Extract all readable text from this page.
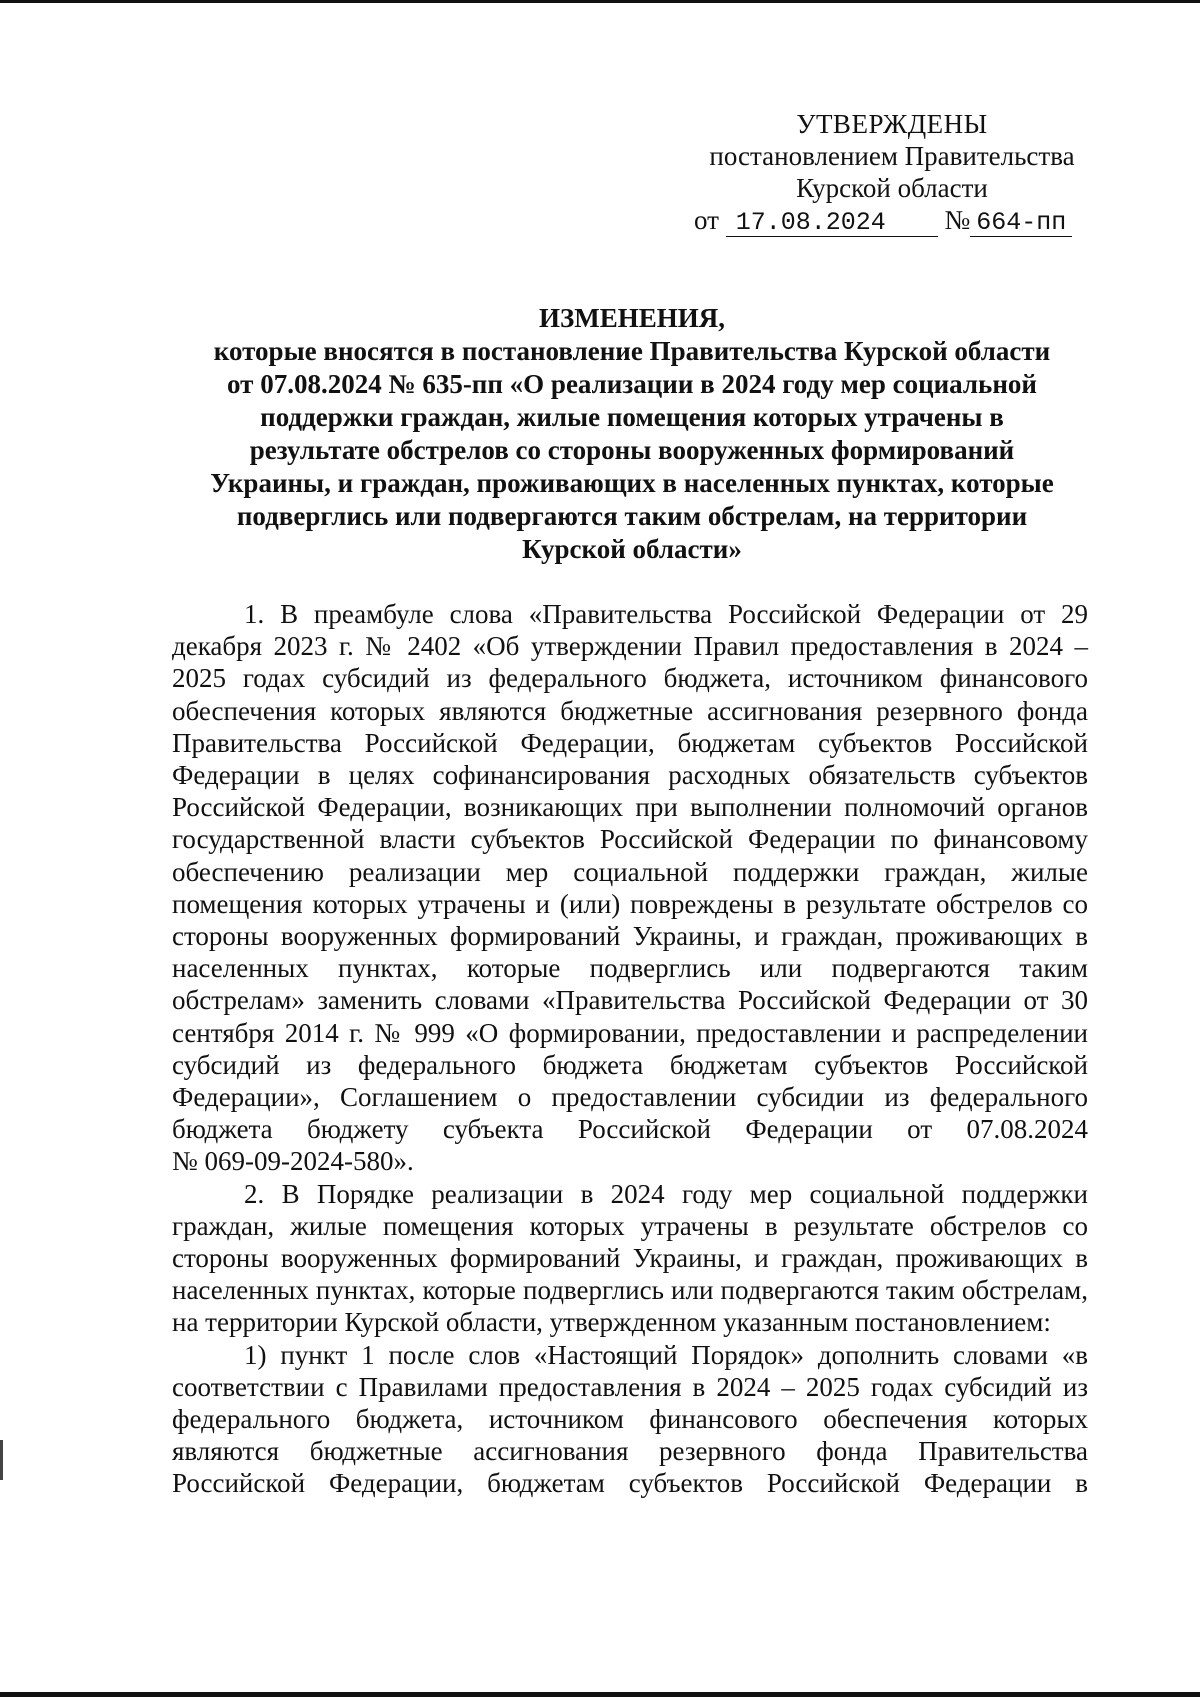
УТВЕРЖДЕНЫ
постановлением Правительства
Курской области
от 17.08.2024 № 664-пп
ИЗМЕНЕНИЯ,
которые вносятся в постановление Правительства Курской области
от 07.08.2024 № 635-пп «О реализации в 2024 году мер социальной
поддержки граждан, жилые помещения которых утрачены в
результате обстрелов со стороны вооруженных формирований
Украины, и граждан, проживающих в населенных пунктах, которые
подверглись или подвергаются таким обстрелам, на территории
Курской области»

1. В преамбуле слова «Правительства Российской Федерации от 29 декабря 2023 г. № 2402 «Об утверждении Правил предоставления в 2024 – 2025 годах субсидий из федерального бюджета, источником финансового обеспечения которых являются бюджетные ассигнования резервного фонда Правительства Российской Федерации, бюджетам субъектов Российской Федерации в целях софинансирования расходных обязательств субъектов Российской Федерации, возникающих при выполнении полномочий органов государственной власти субъектов Российской Федерации по финансовому обеспечению реализации мер социальной поддержки граждан, жилые помещения которых утрачены и (или) повреждены в результате обстрелов со стороны вооруженных формирований Украины, и граждан, проживающих в населенных пунктах, которые подверглись или подвергаются таким обстрелам» заменить словами «Правительства Российской Федерации от 30 сентября 2014 г. № 999 «О формировании, предоставлении и распределении субсидий из федерального бюджета бюджетам субъектов Российской Федерации», Соглашением о предоставлении субсидии из федерального бюджета бюджету субъекта Российской Федерации от 07.08.2024

№ 069-09-2024-580».

2. В Порядке реализации в 2024 году мер социальной поддержки граждан, жилые помещения которых утрачены в результате обстрелов со стороны вооруженных формирований Украины, и граждан, проживающих в населенных пунктах, которые подверглись или подвергаются таким обстрелам, на территории Курской области, утвержденном указанным постановлением:

1) пункт 1 после слов «Настоящий Порядок» дополнить словами «в соответствии с Правилами предоставления в 2024 – 2025 годах субсидий из федерального бюджета, источником финансового обеспечения которых являются бюджетные ассигнования резервного фонда Правительства Российской Федерации, бюджетам субъектов Российской Федерации в
